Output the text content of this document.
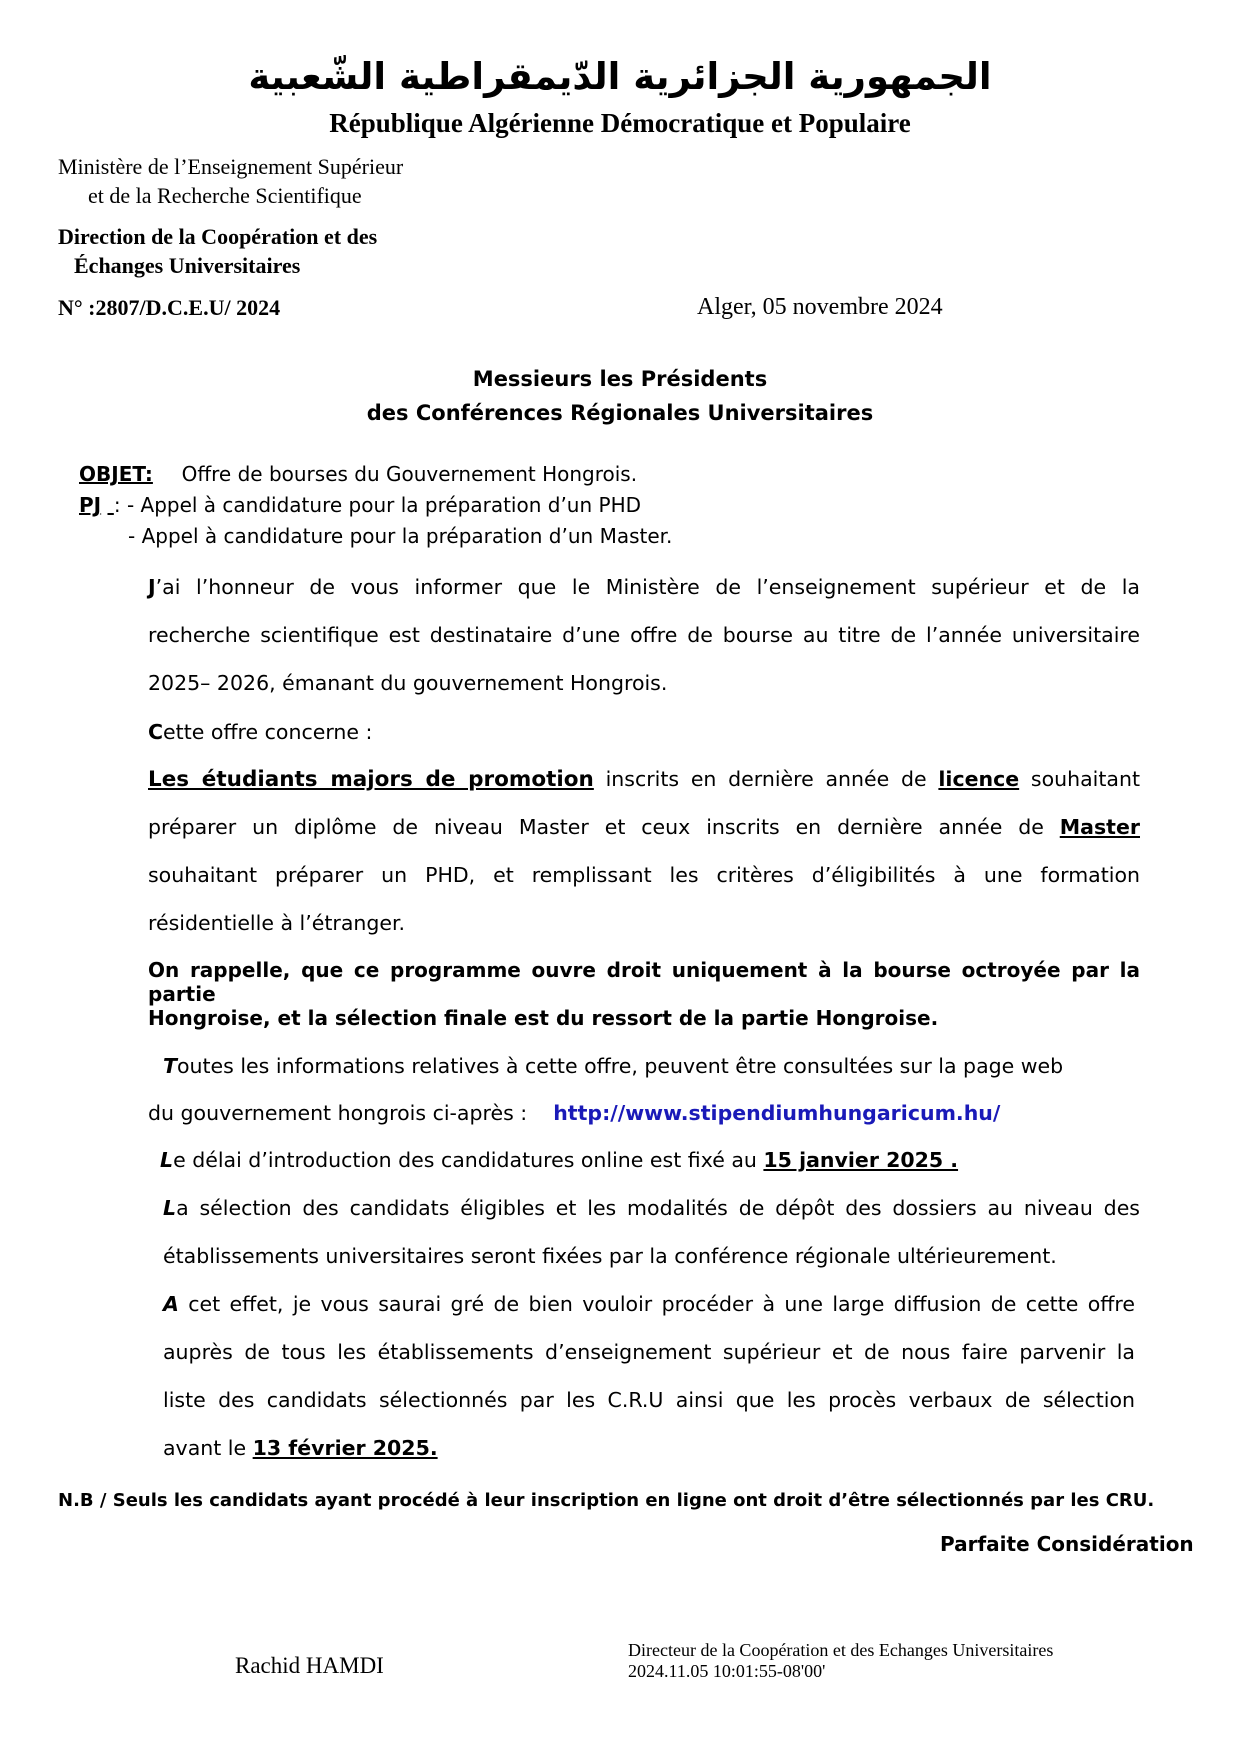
الجمهورية الجزائرية الدّيمقراطية الشّعبية
République Algérienne Démocratique et Populaire
Ministère de l’Enseignement Supérieur
et de la Recherche Scientifique
Direction de la Coopération et des
Échanges Universitaires
N° :2807/D.C.E.U/ 2024	Alger, 05 novembre 2024
Messieurs les Présidents
des Conférences Régionales Universitaires
OBJET: Offre de bourses du Gouvernement Hongrois.
PJ : - Appel à candidature pour la préparation d’un PHD
- Appel à candidature pour la préparation d’un Master.
J’ai l’honneur de vous informer que le Ministère de l’enseignement supérieur et de la
recherche scientifique est destinataire d’une offre de bourse au titre de l’année universitaire
2025– 2026, émanant du gouvernement Hongrois.
Cette offre concerne :
Les étudiants majors de promotion inscrits en dernière année de licence souhaitant
préparer un diplôme de niveau Master et ceux inscrits en dernière année de Master
souhaitant préparer un PHD, et remplissant les critères d’éligibilités à une formation
résidentielle à l’étranger.
On rappelle, que ce programme ouvre droit uniquement à la bourse octroyée par la partie
Hongroise, et la sélection finale est du ressort de la partie Hongroise.
Toutes les informations relatives à cette offre, peuvent être consultées sur la page web
du gouvernement hongrois ci-après : http://www.stipendiumhungaricum.hu/
Le délai d’introduction des candidatures online est fixé au 15 janvier 2025 .
La sélection des candidats éligibles et les modalités de dépôt des dossiers au niveau des
établissements universitaires seront fixées par la conférence régionale ultérieurement.
A cet effet, je vous saurai gré de bien vouloir procéder à une large diffusion de cette offre
auprès de tous les établissements d’enseignement supérieur et de nous faire parvenir la
liste des candidats sélectionnés par les C.R.U ainsi que les procès verbaux de sélection
avant le 13 février 2025.
N.B / Seuls les candidats ayant procédé à leur inscription en ligne ont droit d’être sélectionnés par les CRU.
Parfaite Considération
Rachid HAMDI
Directeur de la Coopération et des Echanges Universitaires
2024.11.05 10:01:55-08'00'
